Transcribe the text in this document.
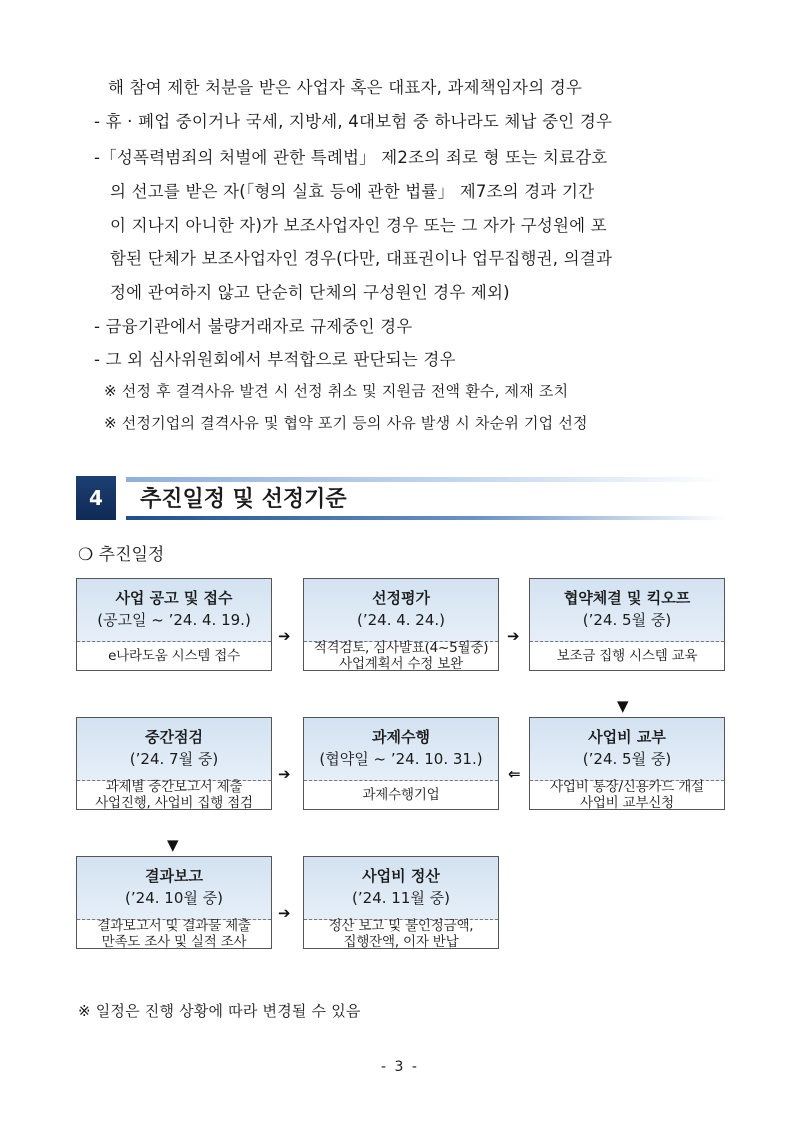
해 참여 제한 처분을 받은 사업자 혹은 대표자, 과제책임자의 경우
- 휴 · 폐업 중이거나 국세, 지방세, 4대보험 중 하나라도 체납 중인 경우
-「성폭력범죄의 처벌에 관한 특례법」 제2조의 죄로 형 또는 치료감호
의 선고를 받은 자(「형의 실효 등에 관한 법률」 제7조의 경과 기간
이 지나지 아니한 자)가 보조사업자인 경우 또는 그 자가 구성원에 포
함된 단체가 보조사업자인 경우(다만, 대표권이나 업무집행권, 의결과
정에 관여하지 않고 단순히 단체의 구성원인 경우 제외)
- 금융기관에서 불량거래자로 규제중인 경우
- 그 외 심사위원회에서 부적합으로 판단되는 경우
※ 선정 후 결격사유 발견 시 선정 취소 및 지원금 전액 환수, 제재 조치
※ 선정기업의 결격사유 및 협약 포기 등의 사유 발생 시 차순위 기업 선정
4	추진일정 및 선정기준
❍ 추진일정
사업 공고 및 접수
(공고일 ~ ’24. 4. 19.)
e나라도움 시스템 접수
➔
선정평가
(’24. 4. 24.)
적격검토, 심사발표(4~5월중)
사업계획서 수정 보완
➔
협약체결 및 킥오프
(’24. 5월 중)
보조금 집행 시스템 교육
▼
중간점검
(’24. 7월 중)
과제별 중간보고서 제출
사업진행, 사업비 집행 점검
➔
과제수행
(협약일 ~ ’24. 10. 31.)
과제수행기업
⇐
사업비 교부
(’24. 5월 중)
사업비 통장/신용카드 개설
사업비 교부신청
▼
결과보고
(’24. 10월 중)
결과보고서 및 결과물 제출
만족도 조사 및 실적 조사
➔
사업비 정산
(’24. 11월 중)
정산 보고 및 불인정금액,
집행잔액, 이자 반납
※ 일정은 진행 상황에 따라 변경될 수 있음
- 3 -
